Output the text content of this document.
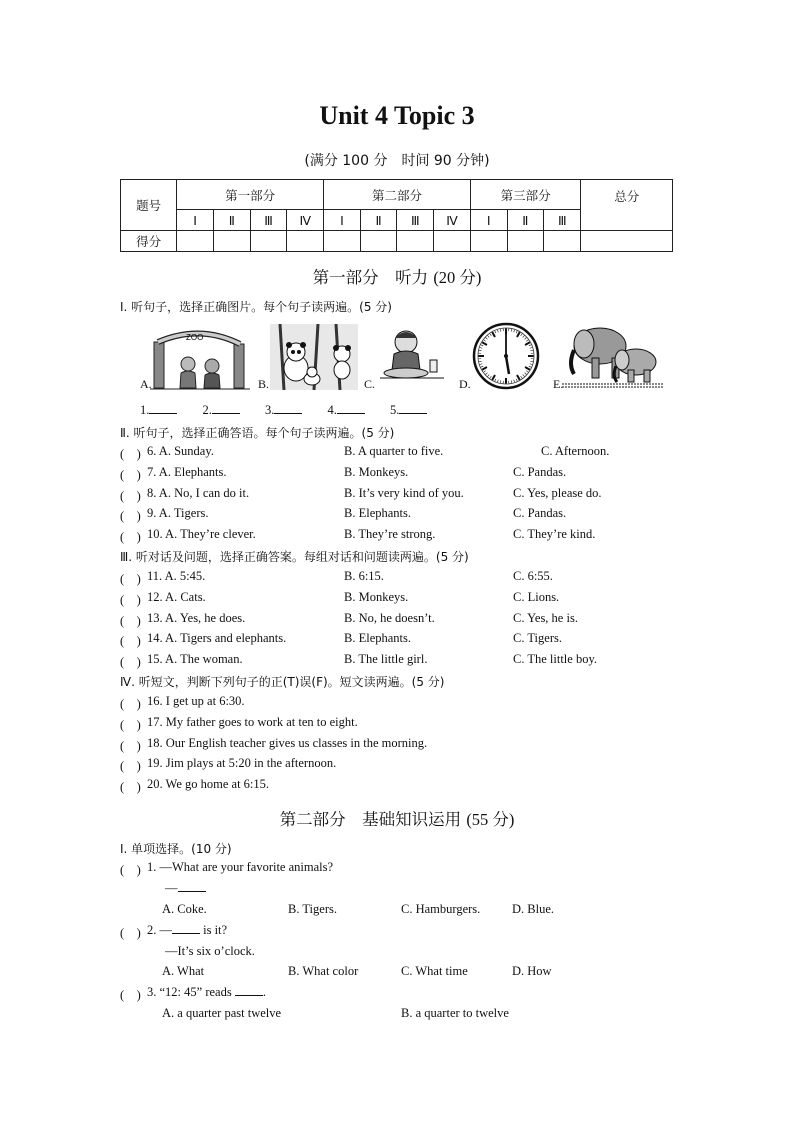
Unit 4 Topic 3
(满分 100 分　时间 90 分钟)
题号	第一部分				第二部分				第三部分			总分
	Ⅰ	Ⅱ	Ⅲ	Ⅳ	Ⅰ	Ⅱ	Ⅲ	Ⅳ	Ⅰ	Ⅱ	Ⅲ	
得分												
第一部分　听力 (20 分)
Ⅰ. 听句子，选择正确图片。每个句子读两遍。(5 分)
A.
ZOO
B.	C.	D.	E.
1.	2.	3.	4.	5.
Ⅱ. 听句子，选择正确答语。每个句子读两遍。(5 分)
(　) 6. A. Sunday.	B. A quarter to five.	C. Afternoon.
(　) 7. A. Elephants.	B. Monkeys.	C. Pandas.
(　) 8. A. No, I can do it.	B. It’s very kind of you.	C. Yes, please do.
(　) 9. A. Tigers.	B. Elephants.	C. Pandas.
(　) 10. A. They’re clever.	B. They’re strong.	C. They’re kind.
Ⅲ. 听对话及问题，选择正确答案。每组对话和问题读两遍。(5 分)
(　) 11. A. 5:45.	B. 6:15.	C. 6:55.
(　) 12. A. Cats.	B. Monkeys.	C. Lions.
(　) 13. A. Yes, he does.	B. No, he doesn’t.	C. Yes, he is.
(　) 14. A. Tigers and elephants.	B. Elephants.	C. Tigers.
(　) 15. A. The woman.	B. The little girl.	C. The little boy.
Ⅳ. 听短文，判断下列句子的正(T)误(F)。短文读两遍。(5 分)
(　) 16. I get up at 6:30.
(　) 17. My father goes to work at ten to eight.
(　) 18. Our English teacher gives us classes in the morning.
(　) 19. Jim plays at 5:20 in the afternoon.
(　) 20. We go home at 6:15.
第二部分　基础知识运用 (55 分)
Ⅰ. 单项选择。(10 分)
(　) 1. —What are your favorite animals?
—
A. Coke.	B. Tigers.	C. Hamburgers.	D. Blue.
(　) 2. — is it?
—It’s six o’clock.
A. What	B. What color	C. What time	D. How
(　) 3. “12: 45” reads .
A. a quarter past twelve	B. a quarter to twelve
